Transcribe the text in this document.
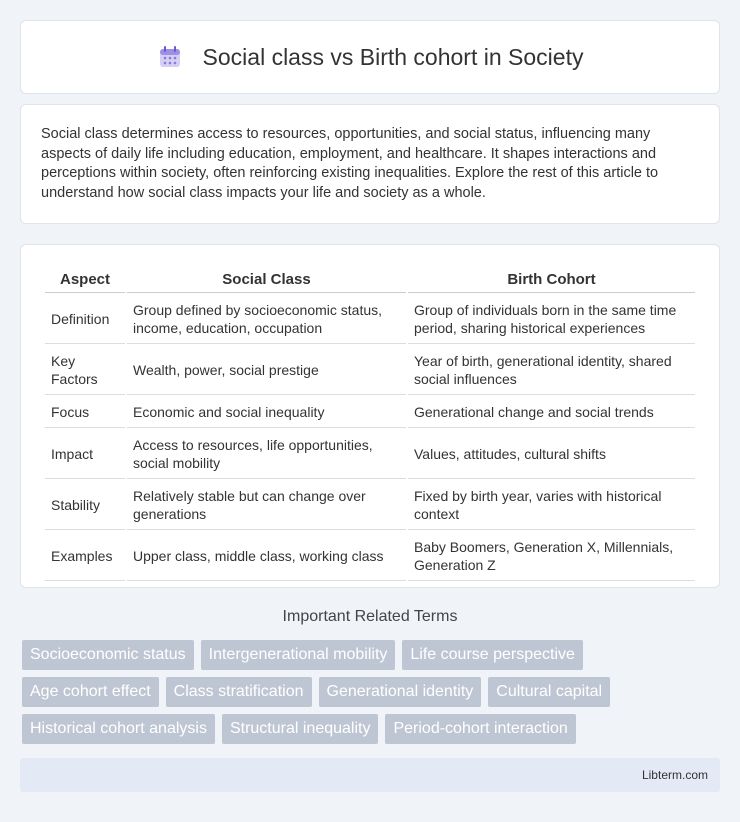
Social class vs Birth cohort in Society

Social class determines access to resources, opportunities, and social status, influencing many aspects of daily life including education, employment, and healthcare. It shapes interactions and perceptions within society, often reinforcing existing inequalities. Explore the rest of this article to understand how social class impacts your life and society as a whole.

Aspect	Social Class	Birth Cohort
Definition	Group defined by socioeconomic status, income, education, occupation	Group of individuals born in the same time period, sharing historical experiences
Key Factors	Wealth, power, social prestige	Year of birth, generational identity, shared social influences
Focus	Economic and social inequality	Generational change and social trends
Impact	Access to resources, life opportunities, social mobility	Values, attitudes, cultural shifts
Stability	Relatively stable but can change over generations	Fixed by birth year, varies with historical context
Examples	Upper class, middle class, working class	Baby Boomers, Generation X, Millennials, Generation Z
Important Related Terms
Socioeconomic status	Intergenerational mobility	Life course perspective
Age cohort effect	Class stratification	Generational identity	Cultural capital
Historical cohort analysis	Structural inequality	Period-cohort interaction
Libterm.com
